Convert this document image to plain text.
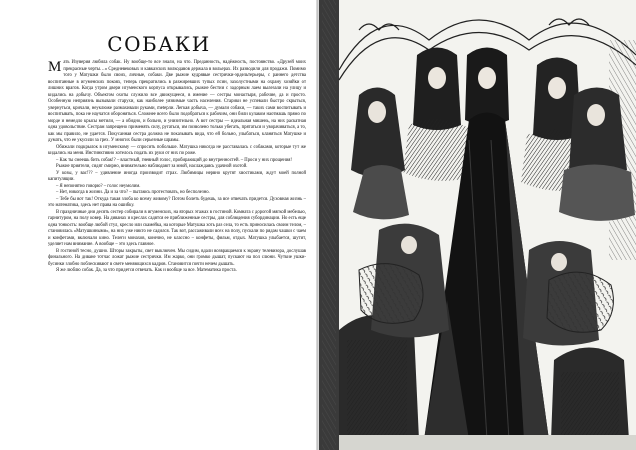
СОБАКИ

Мать Изуверия любила собак. Ну вообще-то все знали, на что. Преданность, надёжность, постоянство. «Друзей моих прекрасные черты…» Средневековых и кавказских волкодавов держала в вольерах. Их разводили для продажи. Помимо того у Матушки было своих, личные, собаки. Две рыжие кудрявые сестрички-эрдельтерьеры, с раннего детства воспитанные в игуменских покоях, теперь прекратились в разжиревших тупых псин, захолустными на охрану хозяйки от лишних врагов. Когда утром двери игуменского корпуса открывались, рыжие бестии с задорным лаем вылезали на улицу и кидались на добычу. Объектом охоты служило все движущееся, в имение — сестры монастыря, рабочие, да и просто. Особенную неприязнь вызывали старухи, как наиболее уязвимые часть населения. Старики не успевали быстро скрыться, увернуться, кричали, неуклюже размахивали руками, metерли. Легкая добыча, — думали собаки, — таких сами воспитывать и воспитывать, пока не научатся обороняться. Сложнее всего было подобраться к рабочим, они били кулаком наотмашь прямо по морде и немедло крысы метили, — а обидно, и больно, и унизительно. А вот сестры — идеальная мишень, на них раскатная одна удовольствие. Сестрам запрещено применять силу, ругаться, им позволено только убегать, прятаться и уворачиваться, а то, как мы правило, не удается. Покусанная сестра должна не показывать вида, что ей больно, улыбаться, кланяться Матушке и думать, что ее укусили за грех. У многих были серьезные шрамы.

Обижали подкрылок в игуменскому — спросить побольше. Матушка никогда не расставалась с собаками, которые тут же кидались на меня. Инстинктивно хотелось подать их руки от них по роже.

– Как ты смеешь бить собак!? – властный, гневный голос, пробирающий до внутренностей. – Проси у них прощения!

Рыжие приятели, сидят смирно, внимательно наблюдают за мной, наслаждаясь удачной охотой.

У козы, у вас!?? – удивление иногда производит страх. Любимицы нервно крутят хвостиками, ждут моей полной капитуляции.

– Я непонятно говорю? – голос неумолим.

– Нет, никогда в жизни. Да и за что? – пытаюсь протестовать, но бесполезно.

– Тебе бы вот так! Откуда такая злоба ко всему живому? Потом болеть будешь, за все отвечать придется. Духовная жизнь – это математика, здесь нет права на ошибку.

В праздничные дни десять сестер собирали в игуменских, на вторых этажах в гостиной. Комната с дорогой мягкой мебелью, гарнитуром, на полу ковер. На диванах и креслах садятся ее приближенные сестры, для соблюдения субординации. Но есть еще одна тонкость: вообще любой стул, кресло или скамейка, на которые Матушка хоть раз села, то есть приносилась своим телом, – становилась «Матушкиными», на них уже никто не садился. Так вот, рассаживали всех на полу, пускали по рядам чашки с чаем и конфетами, включали кино. Телеги монахов, конечно, не классно – конфеты, фильм, отдых. Матушка улыбается, шутит, уделяет нам внимание. А вообще – это здесь главное.

В гостиной тесно, душно. Шторы закрыты, свет выключен. Мы сидим, вдали возвращаемся к экрану телевизора, дослушав финального. На диване тотчас ложат рыжие сестрички. Им жарко, они громко дышат, пускают на пол слюни. Чуткие ушки-бусинки злобно поблескивают в свете меняющихся кадров. Становится почти нечем дышать.

Я же люблю собак. Да, за что придется отвечать. Как и вообще за все. Математика проста.
